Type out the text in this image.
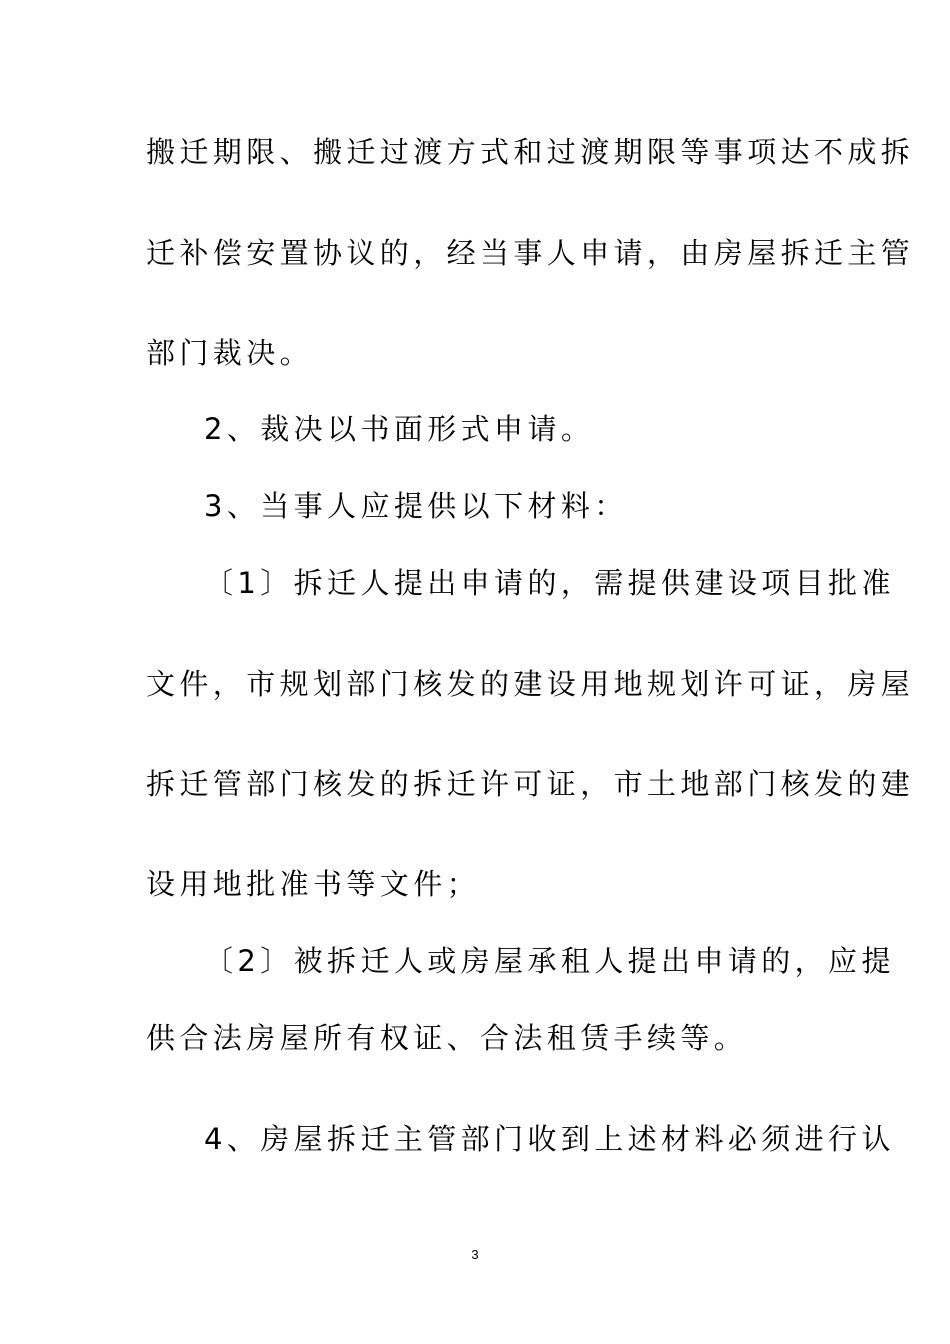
搬迁期限、搬迁过渡方式和过渡期限等事项达不成拆
迁补偿安置协议的，经当事人申请，由房屋拆迁主管
部门裁决。
2、裁决以书面形式申请。
3、当事人应提供以下材料：
〔1〕拆迁人提出申请的，需提供建设项目批准
文件，市规划部门核发的建设用地规划许可证，房屋
拆迁管部门核发的拆迁许可证，市土地部门核发的建
设用地批准书等文件；
〔2〕被拆迁人或房屋承租人提出申请的，应提
供合法房屋所有权证、合法租赁手续等。
4、房屋拆迁主管部门收到上述材料必须进行认
3
